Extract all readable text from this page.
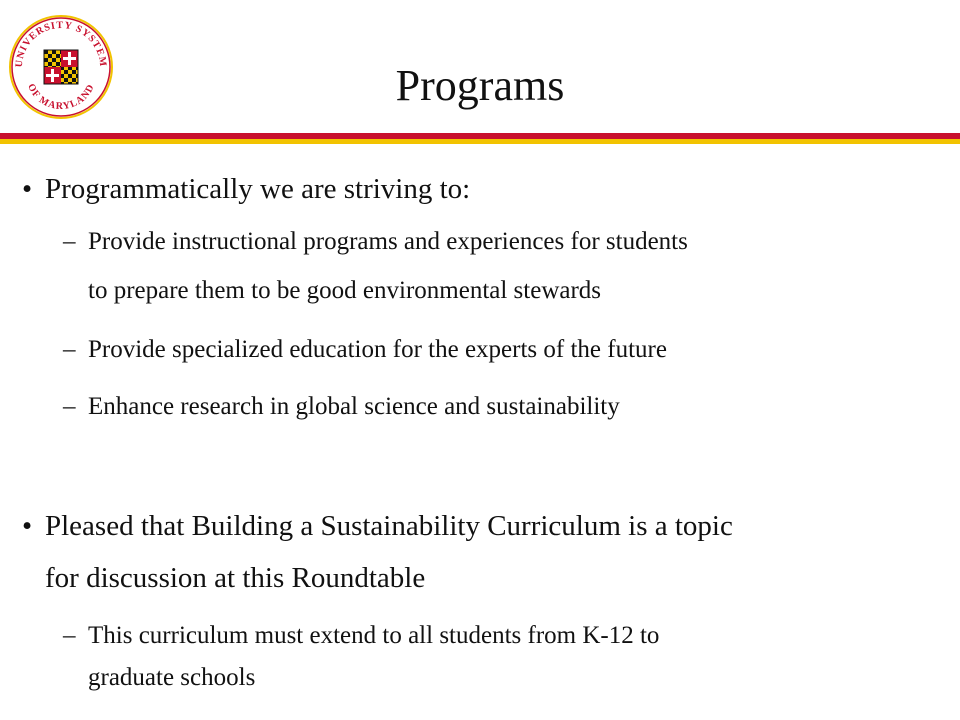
UNIVERSITY SYSTEM
OF MARYLAND	Programs
• Programmatically we are striving to:
– Provide instructional programs and experiences for students
to prepare them to be good environmental stewards
– Provide specialized education for the experts of the future
– Enhance research in global science and sustainability
• Pleased that Building a Sustainability Curriculum is a topic
for discussion at this Roundtable
– This curriculum must extend to all students from K-12 to
graduate schools
